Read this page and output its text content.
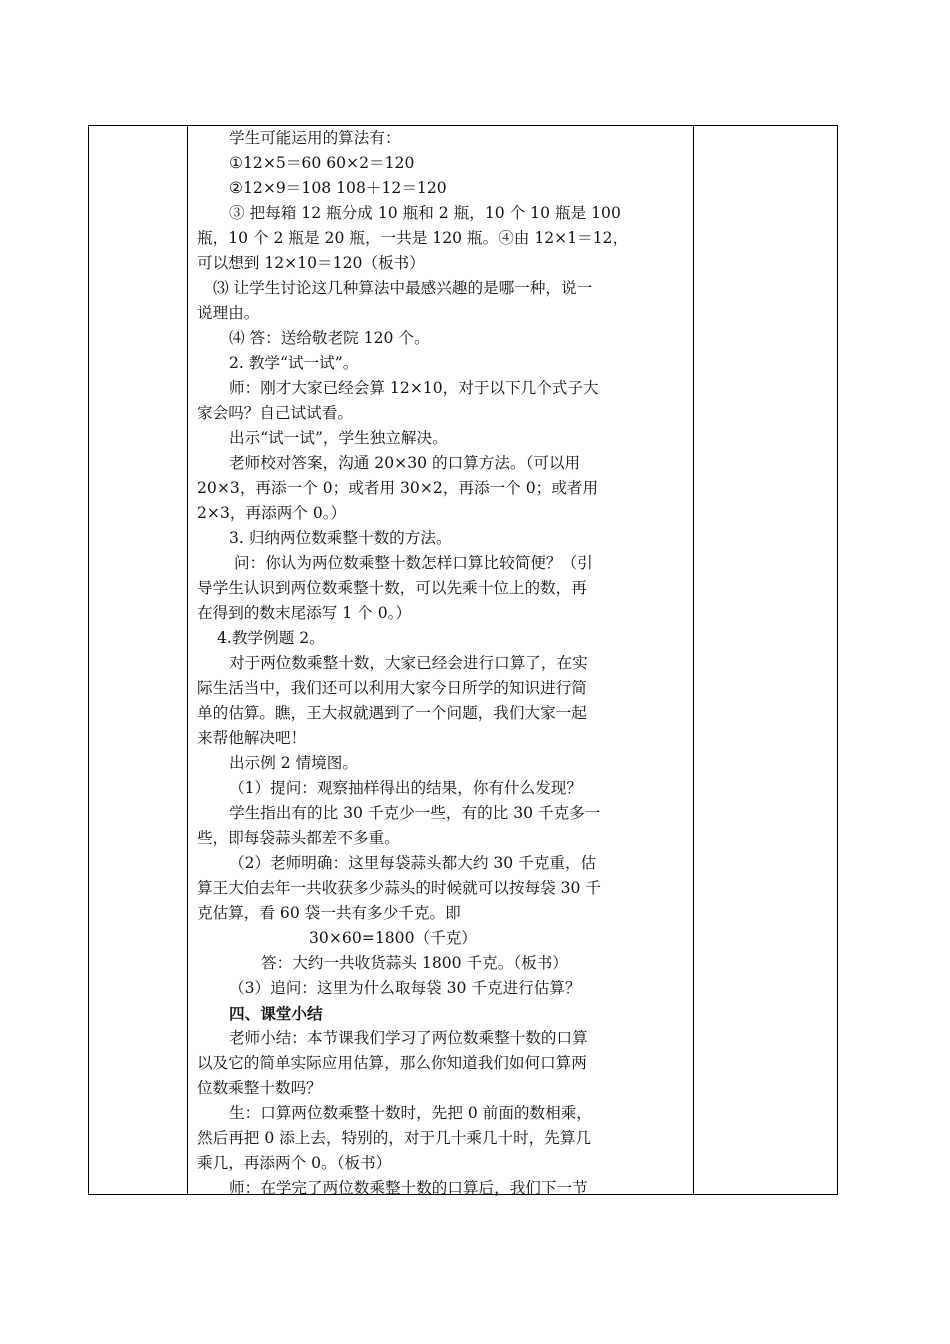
学生可能运用的算法有：
①12×5＝60 60×2＝120
②12×9＝108 108＋12＝120
③ 把每箱 12 瓶分成 10 瓶和 2 瓶，10 个 10 瓶是 100
瓶，10 个 2 瓶是 20 瓶，一共是 120 瓶。④由 12×1＝12，
可以想到 12×10＝120（板书）
⑶ 让学生讨论这几种算法中最感兴趣的是哪一种，说一
说理由。
⑷ 答：送给敬老院 120 个。
2. 教学“试一试”。
师：刚才大家已经会算 12×10，对于以下几个式子大
家会吗？自己试试看。
出示“试一试”，学生独立解决。
老师校对答案，沟通 20×30 的口算方法。（可以用
20×3，再添一个 0；或者用 30×2，再添一个 0；或者用
2×3，再添两个 0。）
3. 归纳两位数乘整十数的方法。
问：你认为两位数乘整十数怎样口算比较简便？（引
导学生认识到两位数乘整十数，可以先乘十位上的数，再
在得到的数末尾添写 1 个 0。）
4.教学例题 2。
对于两位数乘整十数，大家已经会进行口算了，在实
际生活当中，我们还可以利用大家今日所学的知识进行简
单的估算。瞧，王大叔就遇到了一个问题，我们大家一起
来帮他解决吧！
出示例 2 情境图。
（1）提问：观察抽样得出的结果，你有什么发现？
学生指出有的比 30 千克少一些，有的比 30 千克多一
些，即每袋蒜头都差不多重。
（2）老师明确：这里每袋蒜头都大约 30 千克重，估
算王大伯去年一共收获多少蒜头的时候就可以按每袋 30 千
克估算，看 60 袋一共有多少千克。即
30×60=1800（千克）
答：大约一共收货蒜头 1800 千克。（板书）
（3）追问：这里为什么取每袋 30 千克进行估算？
四、课堂小结
老师小结：本节课我们学习了两位数乘整十数的口算
以及它的简单实际应用估算，那么你知道我们如何口算两
位数乘整十数吗？
生：口算两位数乘整十数时，先把 0 前面的数相乘，
然后再把 0 添上去，特别的，对于几十乘几十时，先算几
乘几，再添两个 0。（板书）
师：在学完了两位数乘整十数的口算后，我们下一节
